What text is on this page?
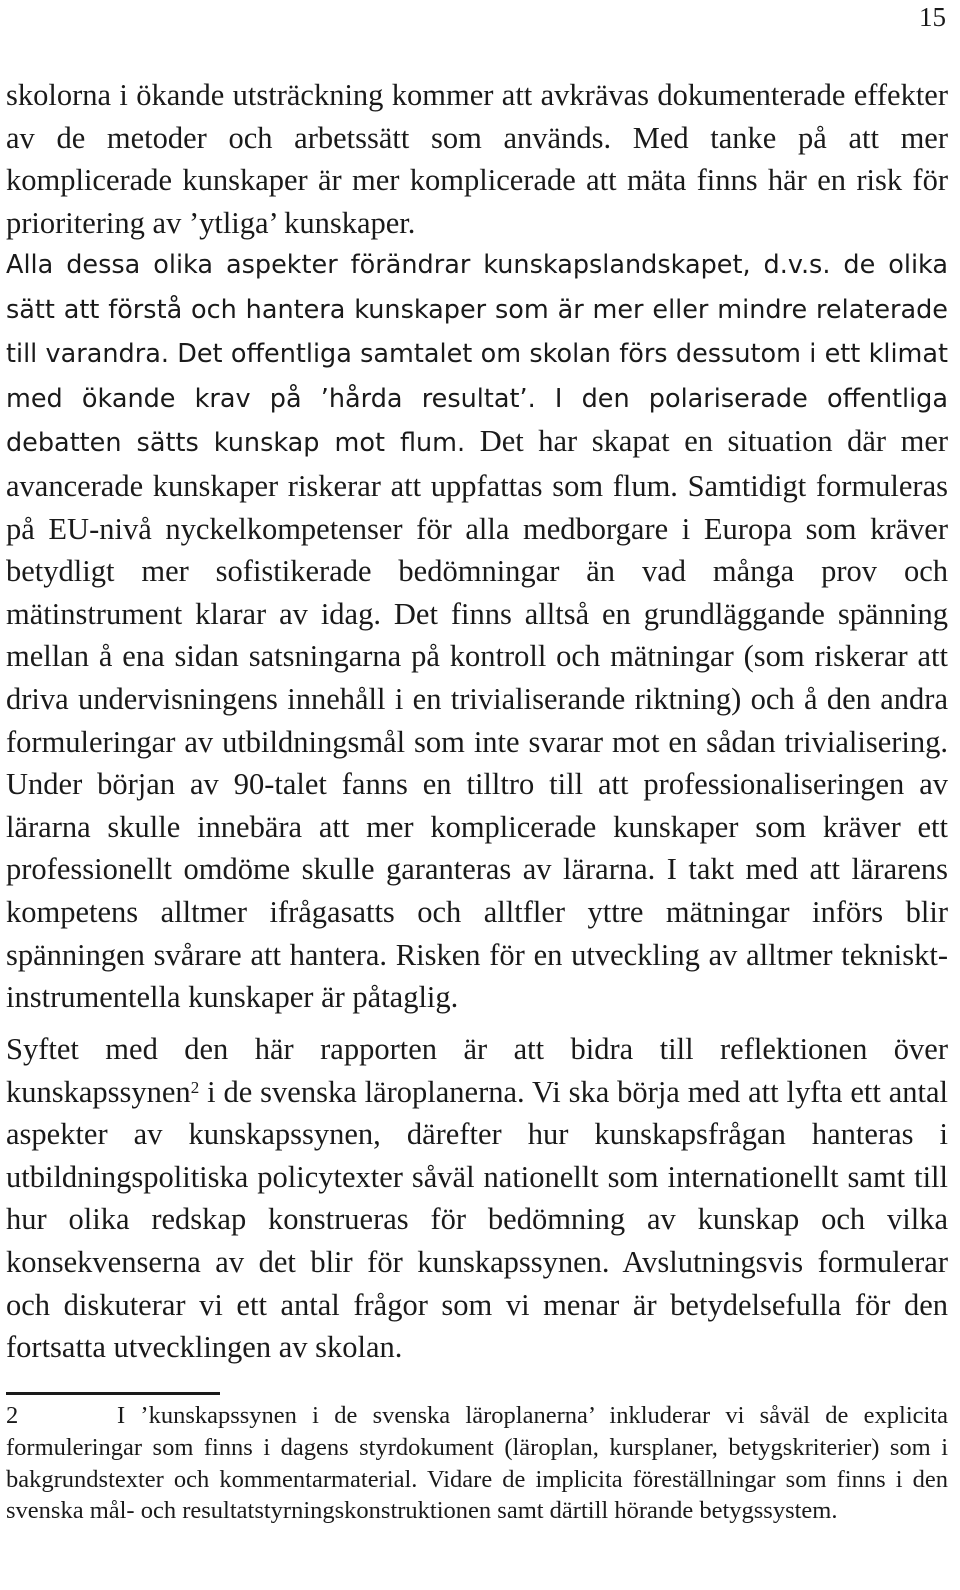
15

skolorna i ökande utsträckning kommer att avkrävas dokumenterade effekter av de metoder och arbetssätt som används. Med tanke på att mer komplicerade kunskaper är mer komplicerade att mäta finns här en risk för prioritering av ’ytliga’ kunskaper.

Alla dessa olika aspekter förändrar kunskapslandskapet, d.v.s. de olika sätt att förstå och hantera kunskaper som är mer eller mindre relaterade till varandra. Det offentliga samtalet om skolan förs dessutom i ett klimat med ökande krav på ’hårda resultat’. I den polariserade offentliga debatten sätts kunskap mot flum. Det har skapat en situation där mer avancerade kunskaper riskerar att uppfattas som flum. Samtidigt formuleras på EU-nivå nyckelkompetenser för alla medborgare i Europa som kräver betydligt mer sofistikerade bedömningar än vad många prov och mätinstrument klarar av idag. Det finns alltså en grundläggande spänning mellan å ena sidan satsningarna på kontroll och mätningar (som riskerar att driva undervisningens innehåll i en trivialiserande riktning) och å den andra formuleringar av utbildningsmål som inte svarar mot en sådan trivialisering. Under början av 90-talet fanns en tilltro till att professionaliseringen av lärarna skulle innebära att mer komplicerade kunskaper som kräver ett professionellt omdöme skulle garanteras av lärarna. I takt med att lärarens kompetens alltmer ifrågasatts och alltfler yttre mätningar införs blir spänningen svårare att hantera. Risken för en utveckling av alltmer tekniskt-instrumentella kunskaper är påtaglig.

Syftet med den här rapporten är att bidra till reflektionen över kunskapssynen$^2$ i de svenska läroplanerna. Vi ska börja med att lyfta ett antal aspekter av kunskapssynen, därefter hur kunskapsfrågan hanteras i utbildningspolitiska policytexter såväl nationellt som internationellt samt till hur olika redskap konstrueras för bedömning av kunskap och vilka konsekvenserna av det blir för kunskapssynen. Avslutningsvis formulerar och diskuterar vi ett antal frågor som vi menar är betydelsefulla för den fortsatta utvecklingen av skolan.

2	I ’kunskapssynen i de svenska läroplanerna’ inkluderar vi såväl de explicita formuleringar som finns i dagens styrdokument (läroplan, kursplaner, betygskriterier) som i bakgrundstexter och kommentarmaterial. Vidare de implicita föreställningar som finns i den svenska mål- och resultatstyrningskonstruktionen samt därtill hörande betygssystem.
